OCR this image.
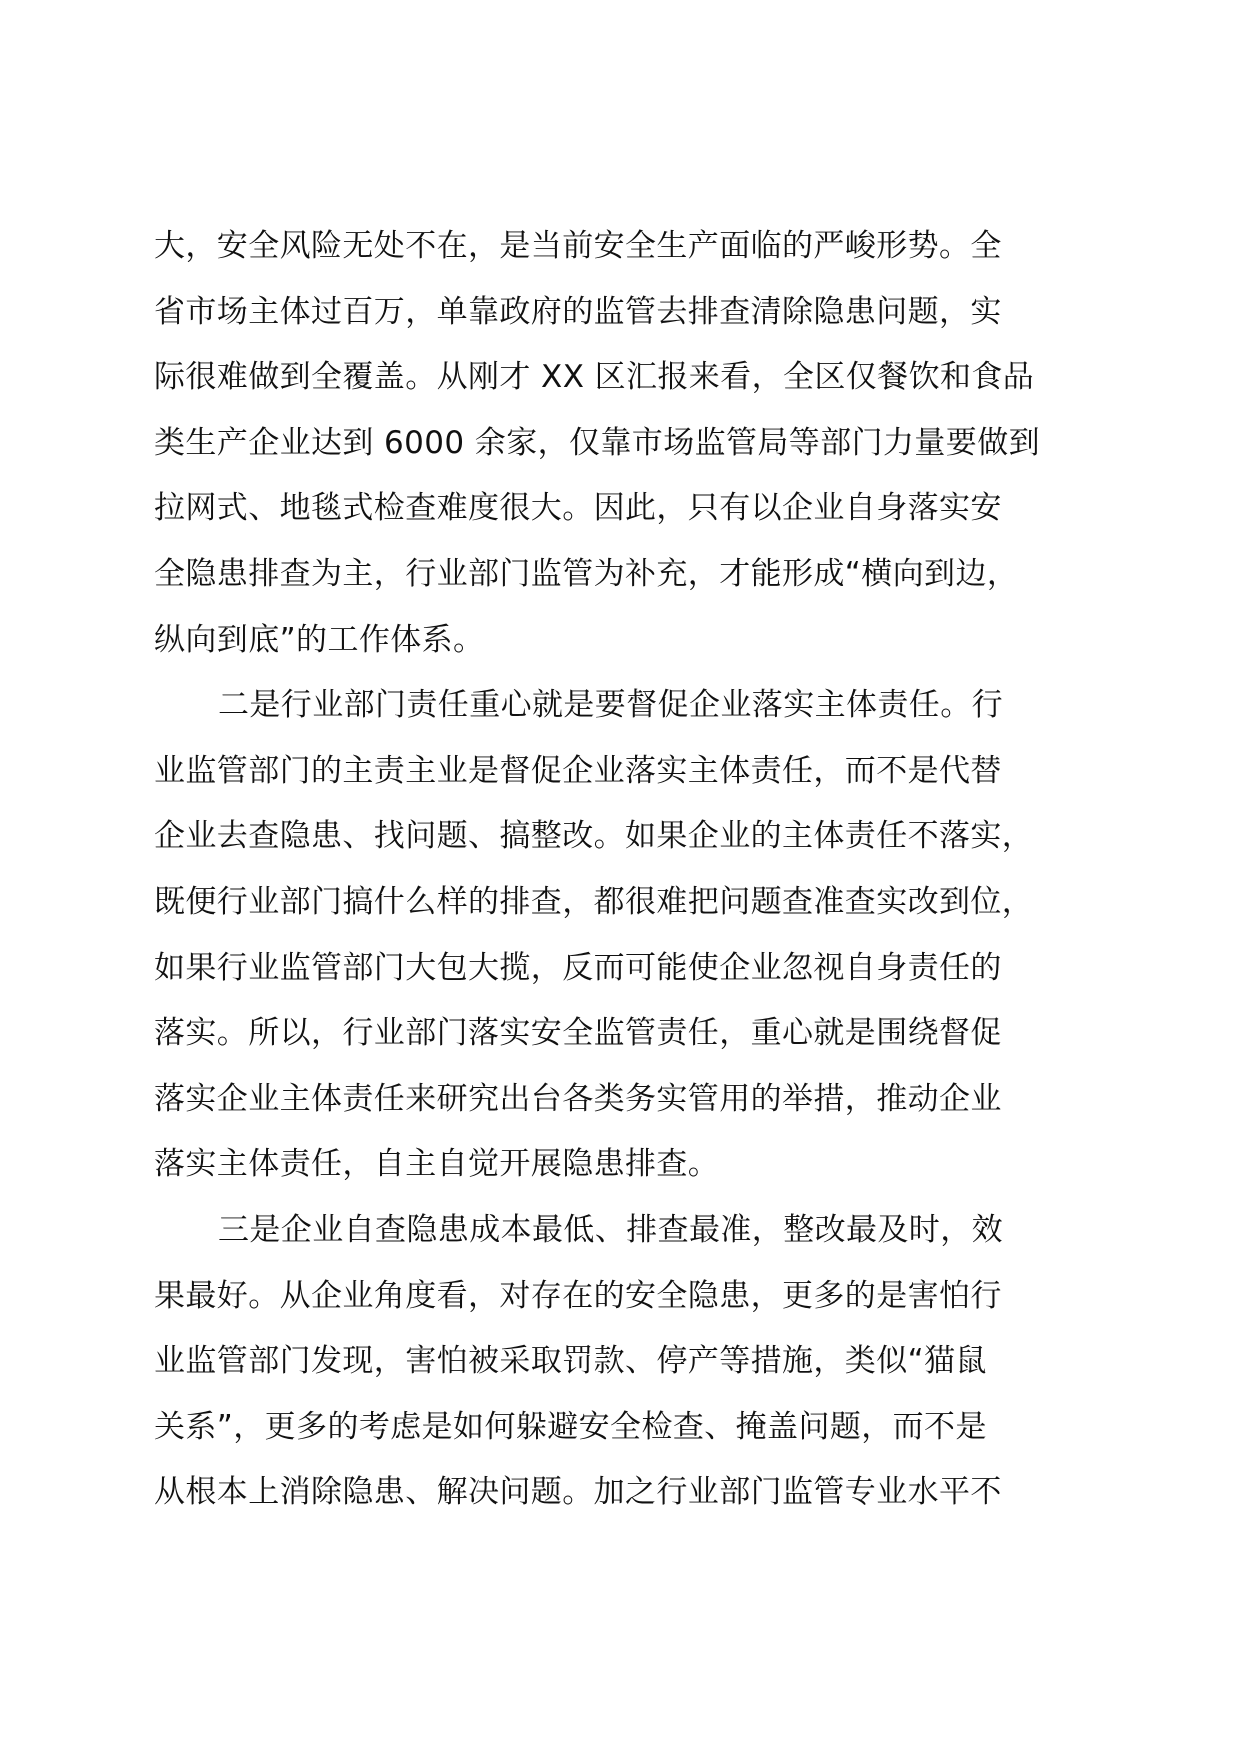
大，安全风险无处不在，是当前安全生产面临的严峻形势。全
省市场主体过百万，单靠政府的监管去排查清除隐患问题，实
际很难做到全覆盖。从刚才 XX 区汇报来看，全区仅餐饮和食品
类生产企业达到 6000 余家，仅靠市场监管局等部门力量要做到
拉网式、地毯式检查难度很大。因此，只有以企业自身落实安
全隐患排查为主，行业部门监管为补充，才能形成“横向到边，
纵向到底”的工作体系。
二是行业部门责任重心就是要督促企业落实主体责任。行
业监管部门的主责主业是督促企业落实主体责任，而不是代替
企业去查隐患、找问题、搞整改。如果企业的主体责任不落实，
既便行业部门搞什么样的排查，都很难把问题查准查实改到位，
如果行业监管部门大包大揽，反而可能使企业忽视自身责任的
落实。所以，行业部门落实安全监管责任，重心就是围绕督促
落实企业主体责任来研究出台各类务实管用的举措，推动企业
落实主体责任，自主自觉开展隐患排查。
三是企业自查隐患成本最低、排查最准，整改最及时，效
果最好。从企业角度看，对存在的安全隐患，更多的是害怕行
业监管部门发现，害怕被采取罚款、停产等措施，类似“猫鼠
关系”，更多的考虑是如何躲避安全检查、掩盖问题，而不是
从根本上消除隐患、解决问题。加之行业部门监管专业水平不
